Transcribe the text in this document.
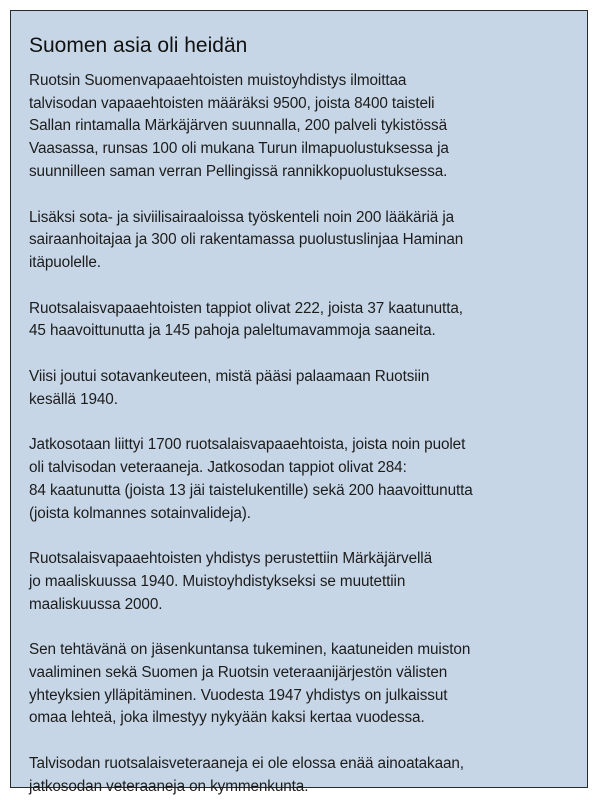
Suomen asia oli heidän

Ruotsin Suomenvapaaehtoisten muistoyhdistys ilmoittaa
talvisodan vapaaehtoisten määräksi 9500, joista 8400 taisteli
Sallan rintamalla Märkäjärven suunnalla, 200 palveli tykistössä
Vaasassa, runsas 100 oli mukana Turun ilmapuolustuksessa ja
suunnilleen saman verran Pellingissä rannikkopuolustuksessa.

Lisäksi sota- ja siviilisairaaloissa työskenteli noin 200 lääkäriä ja
sairaanhoitajaa ja 300 oli rakentamassa puolustuslinjaa Haminan
itäpuolelle.

Ruotsalaisvapaaehtoisten tappiot olivat 222, joista 37 kaatunutta,
45 haavoittunutta ja 145 pahoja paleltumavammoja saaneita.

Viisi joutui sotavankeuteen, mistä pääsi palaamaan Ruotsiin
kesällä 1940.

Jatkosotaan liittyi 1700 ruotsalaisvapaaehtoista, joista noin puolet
oli talvisodan veteraaneja. Jatkosodan tappiot olivat 284:
84 kaatunutta (joista 13 jäi taistelukentille) sekä 200 haavoittunutta
(joista kolmannes sotainvalideja).

Ruotsalaisvapaaehtoisten yhdistys perustettiin Märkäjärvellä
jo maaliskuussa 1940. Muistoyhdistykseksi se muutettiin
maaliskuussa 2000.

Sen tehtävänä on jäsenkuntansa tukeminen, kaatuneiden muiston
vaaliminen sekä Suomen ja Ruotsin veteraanijärjestön välisten
yhteyksien ylläpitäminen. Vuodesta 1947 yhdistys on julkaissut
omaa lehteä, joka ilmestyy nykyään kaksi kertaa vuodessa.

Talvisodan ruotsalaisveteraaneja ei ole elossa enää ainoatakaan,
jatkosodan veteraaneja on kymmenkunta.
